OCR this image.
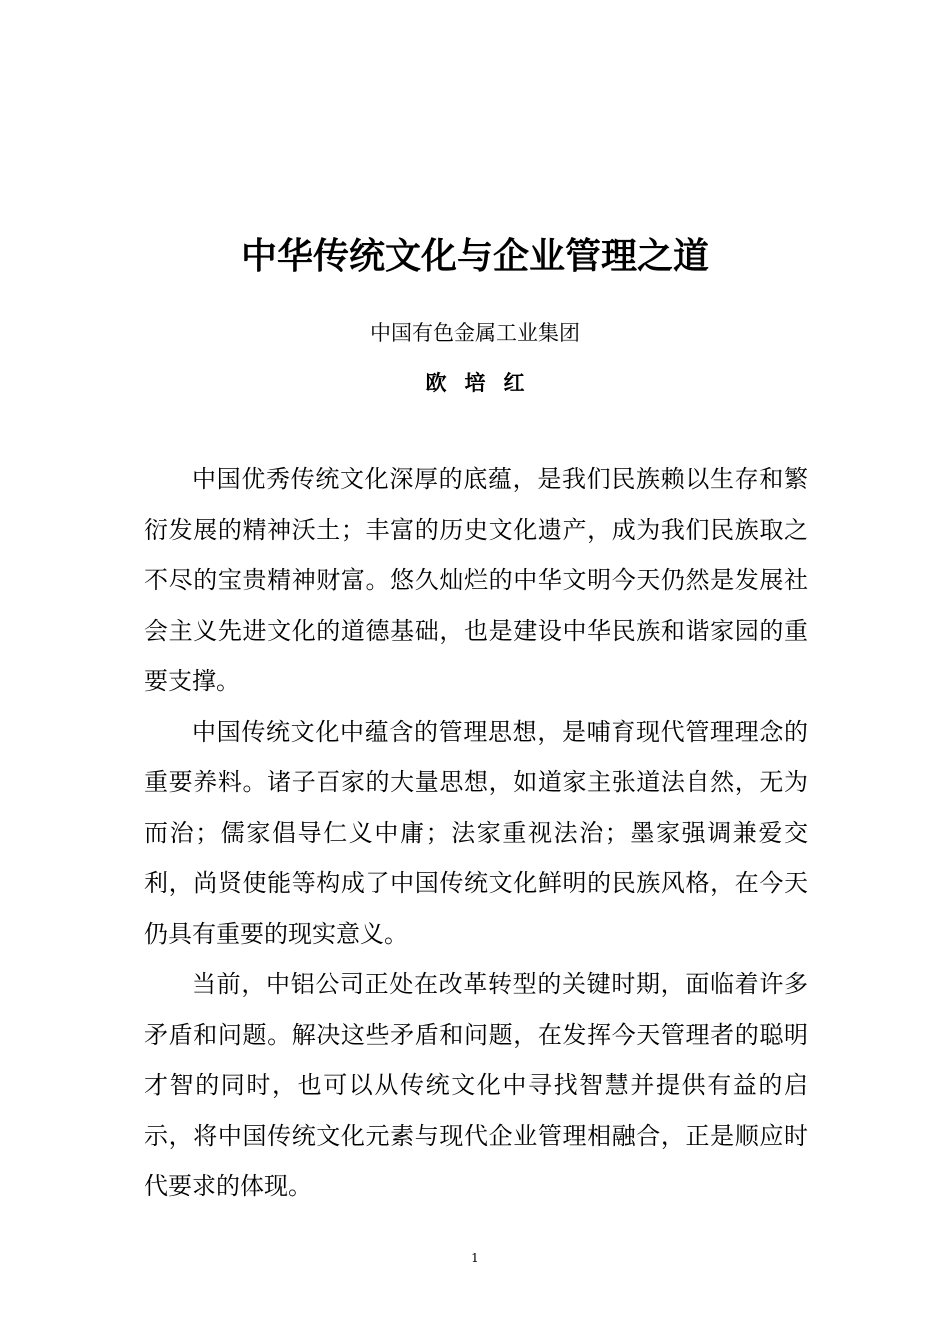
中华传统文化与企业管理之道
中国有色金属工业集团
欧培红

中国优秀传统文化深厚的底蕴，是我们民族赖以生存和繁衍发展的精神沃土；丰富的历史文化遗产，成为我们民族取之不尽的宝贵精神财富。悠久灿烂的中华文明今天仍然是发展社会主义先进文化的道德基础，也是建设中华民族和谐家园的重要支撑。

中国传统文化中蕴含的管理思想，是哺育现代管理理念的重要养料。诸子百家的大量思想，如道家主张道法自然，无为而治；儒家倡导仁义中庸；法家重视法治；墨家强调兼爱交利，尚贤使能等构成了中国传统文化鲜明的民族风格，在今天仍具有重要的现实意义。

当前，中铝公司正处在改革转型的关键时期，面临着许多矛盾和问题。解决这些矛盾和问题，在发挥今天管理者的聪明才智的同时，也可以从传统文化中寻找智慧并提供有益的启示，将中国传统文化元素与现代企业管理相融合，正是顺应时代要求的体现。

1
